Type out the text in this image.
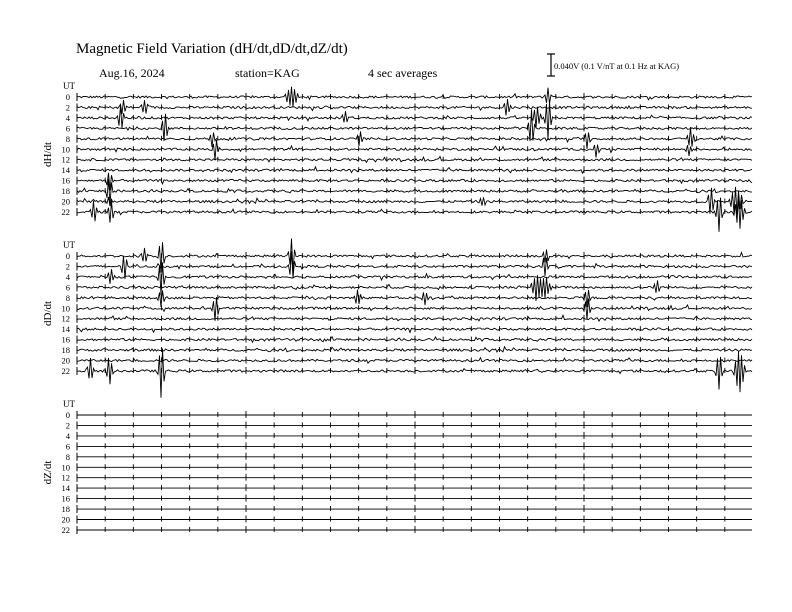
Magnetic Field Variation (dH/dt,dD/dt,dZ/dt)
Aug.16, 2024	station=KAG	4 sec averages	0.040V (0.1 V/nT at 0.1 Hz at KAG)
UT
dH/dt
0
2
4
6
8
10
12
14
16
18
20
22
UT
dD/dt
0
2
4
6
8
10
12
14
16
18
20
22
UT
dZ/dt
0
2
4
6
8
10
12
14
16
18
20
22
